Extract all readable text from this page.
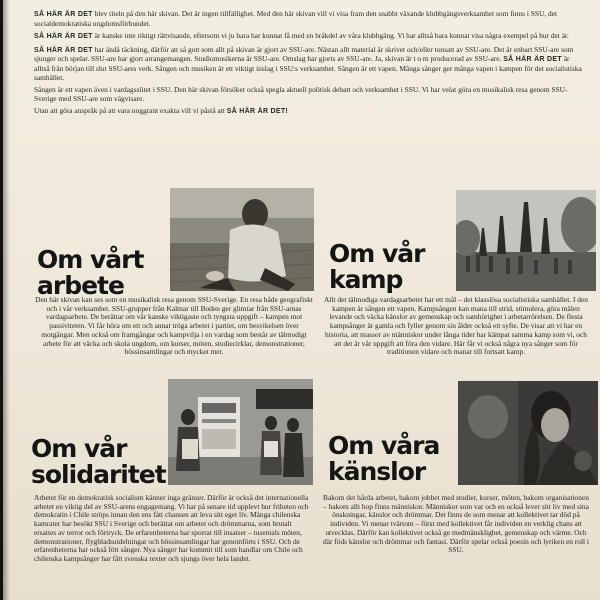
SÅ HÄR ÄR DET blev titeln på den här skivan. Det är ingen tillfällighet. Med den här skivan vill vi visa fram den snabbt växande klubbgängsverksamhet som finns i SSU, det socialdemokratiska ungdomsförbundet.

SÅ HÄR ÄR DET är kanske inte riktigt rättvisande, eftersom vi ju bara har kunnat få med en bråkdel av våra klubbgäng. Vi har alltså bara kunnat visa några exempel på hur det är.

SÅ HÄR ÄR DET har ändå täckning, därför att så gott som allt på skivan är gjort av SSU-are. Nästan allt material är skrivet och/eller tonsatt av SSU-are. Det är enbart SSU-are som sjunger och spelar. SSU-are har gjort arrangemangen. Studiomusikerna är SSU-are. Omslag har gjorts av SSU-are. Ja, skivan är t o m producerad av SSU-are. SÅ HÄR ÄR DET är alltså från början till slut SSU-ares verk. Sången och musiken är ett viktigt inslag i SSU:s verksamhet. Sången är ett vapen. Många sånger ger många vapen i kampen för det socialistiska samhället.

Sången är ett vapen även i vardagsslitet i SSU. Den här skivan försöker också spegla aktuell politisk debatt och verksamhet i SSU. Vi har velat göra en musikalisk resa genom SSU-Sverige med SSU-are som vägvisare.

Utan att göra anspråk på att vara noggrant exakta vill vi påstå att SÅ HÄR ÄR DET!

Om vårt
arbete
Den här skivan kan ses som en musikalisk resa genom SSU-Sverige. En resa både geografiskt och i vår verksamhet. SSU-grupper från Kalmar till Boden ger glimtar från SSU-arnas vardagsarbete. De berättar om vår kanske viktigaste och tyngsta uppgift – kampen mot passiviteten. Vi får höra om ett och annat tröga arbetet i partiet, om besvikelsen över motgångar. Men också om framgångar och kampvilja i en vardag som består av tälmodigt arbete för att väcka och skola ungdom, om kurser, möten, studiecirklar, demonstrationer, bössinsamlingar och mycket mer.
Om vår
kamp
Allt det tälmodiga vardagsarbetet har ett mål – det klasslösa socialistiska samhället. I den kampen är sången ett vapen. Kampsången kan mana till strid, stimulera, göra mälen levande och väcka känslor av gemenskap och samhörighet i arbetarrörelsen. De flesta kampsånger är gamla och fyller genom sin ålder också ett syfte. De visar att vi har en historia, att massor av människor under långa tider har kämpat samma kamp som vi, och att det är vår uppgift att föra den vidare. Här får vi också några nya sånger som för traditionen vidare och manar till fortsatt kamp.
Om vår
solidaritet
Arbetet för en demokratisk socialism känner inga gränser. Därför är också det internationella arbetet en viktig del av SSU-arens engagemang. Vi har på senare tid upplevt hur friheten och demokratin i Chile ströps innan den ens fått chansen att leva sitt eget liv. Många chilenska kamrater har besökt SSU i Sverige och berättat om arbetet och drömmarna, som brutalt ersattes av terror och förtryck. De erfarenheterna har sporrat till insatser – tusentals möten, demonstrationer, flygbladsutdelningar och bössinsamlingar har genomförts i SSU. Och de erfarenheterna har också fött sånger. Nya sånger har kommit till som handlar om Chile och chilenska kampsånger har fått svenska texter och sjungs över hela landet.
Om våra
känslor
Bakom det hårda arbetet, bakom jobbet med studier, kurser, möten, bakom organisationen – bakom allt hop finns människor. Människor som var och en också lever sitt liv med sina önskningar, känslor och drömmar. Det finns de som menar att kollektivet tar död på individen. Vi menar tvärtom – först med kollektivet får individen en verklig chans att utvecklas. Därför kan kollektivet också ge medmänsklighet, gemenskap och värme. Och där föds känslor och drömmar och fantasi. Därför spelar också poesin och lyriken en roll i SSU.
